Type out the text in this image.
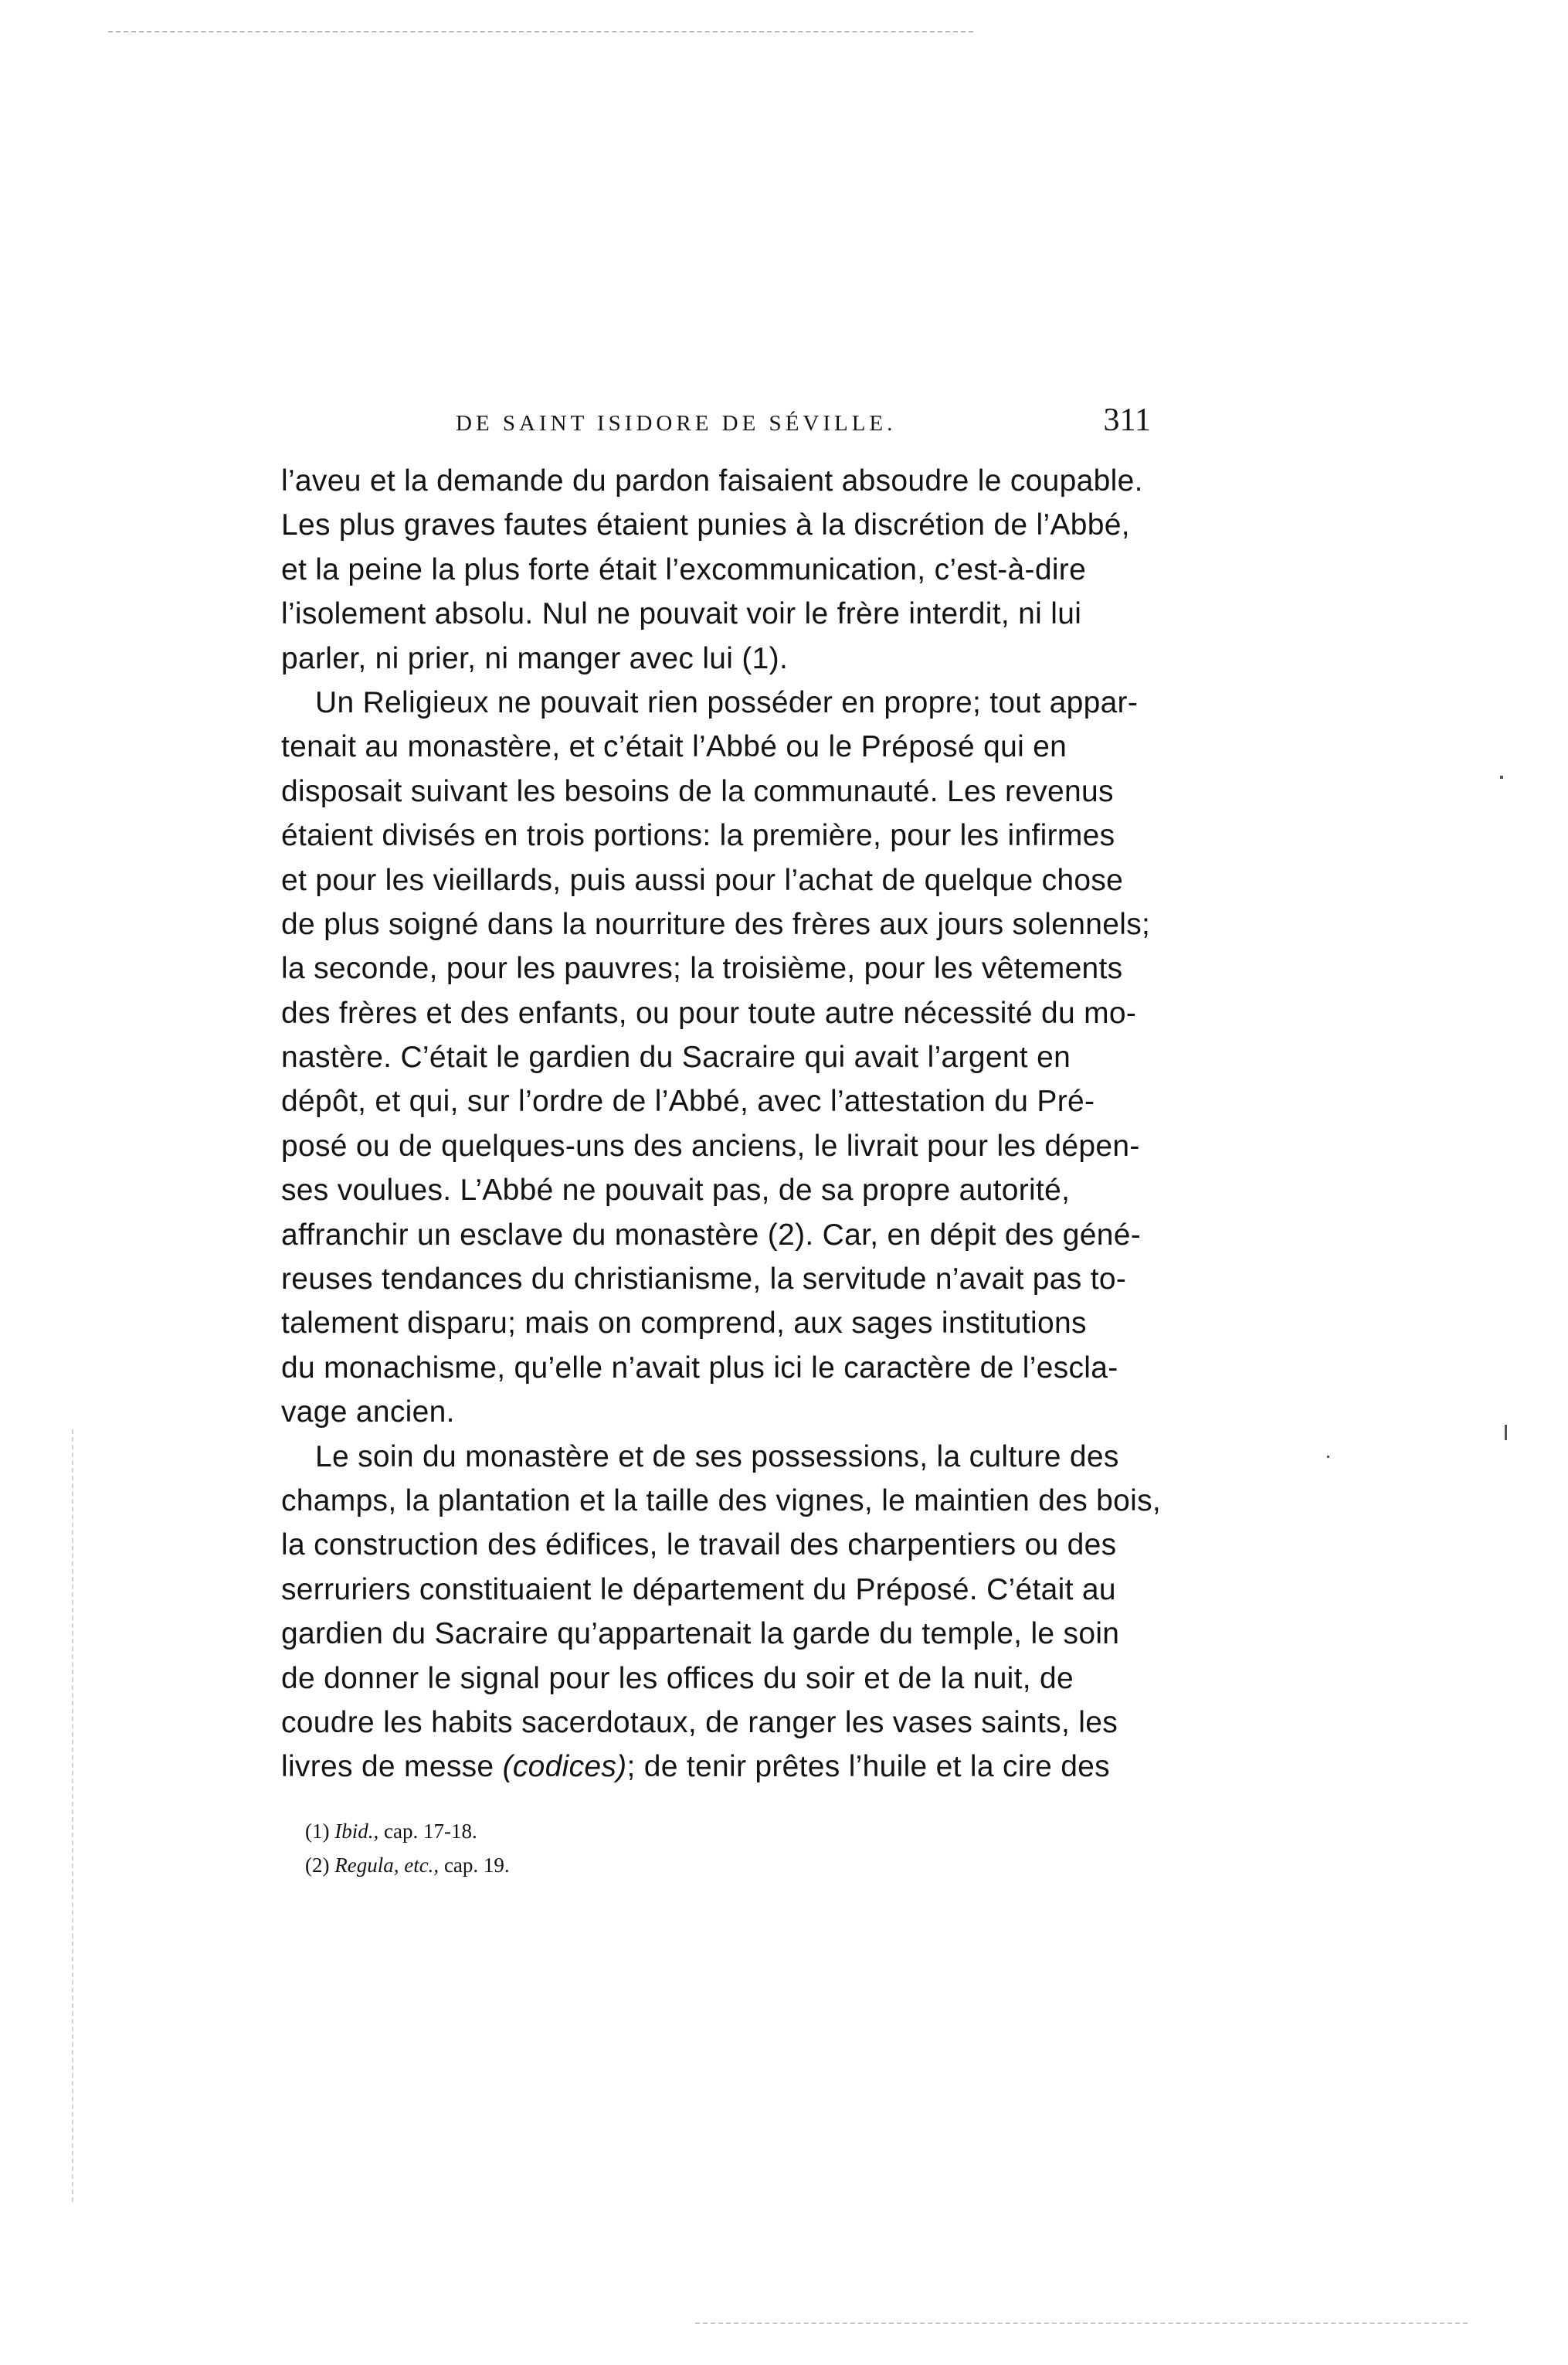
DE SAINT ISIDORE DE SÉVILLE.	311
l’aveu et la demande du pardon faisaient absoudre le coupable.
Les plus graves fautes étaient punies à la discrétion de l’Abbé,
et la peine la plus forte était l’excommunication, c’est-à-dire
l’isolement absolu. Nul ne pouvait voir le frère interdit, ni lui
parler, ni prier, ni manger avec lui (1).
Un Religieux ne pouvait rien posséder en propre; tout appar-
tenait au monastère, et c’était l’Abbé ou le Préposé qui en
disposait suivant les besoins de la communauté. Les revenus
étaient divisés en trois portions: la première, pour les infirmes
et pour les vieillards, puis aussi pour l’achat de quelque chose
de plus soigné dans la nourriture des frères aux jours solennels;
la seconde, pour les pauvres; la troisième, pour les vêtements
des frères et des enfants, ou pour toute autre nécessité du mo-
nastère. C’était le gardien du Sacraire qui avait l’argent en
dépôt, et qui, sur l’ordre de l’Abbé, avec l’attestation du Pré-
posé ou de quelques-uns des anciens, le livrait pour les dépen-
ses voulues. L’Abbé ne pouvait pas, de sa propre autorité,
affranchir un esclave du monastère (2). Car, en dépit des géné-
reuses tendances du christianisme, la servitude n’avait pas to-
talement disparu; mais on comprend, aux sages institutions
du monachisme, qu’elle n’avait plus ici le caractère de l’escla-
vage ancien.
Le soin du monastère et de ses possessions, la culture des
champs, la plantation et la taille des vignes, le maintien des bois,
la construction des édifices, le travail des charpentiers ou des
serruriers constituaient le département du Préposé. C’était au
gardien du Sacraire qu’appartenait la garde du temple, le soin
de donner le signal pour les offices du soir et de la nuit, de
coudre les habits sacerdotaux, de ranger les vases saints, les
livres de messe (codices); de tenir prêtes l’huile et la cire des
(1) Ibid., cap. 17-18.
(2) Regula, etc., cap. 19.
